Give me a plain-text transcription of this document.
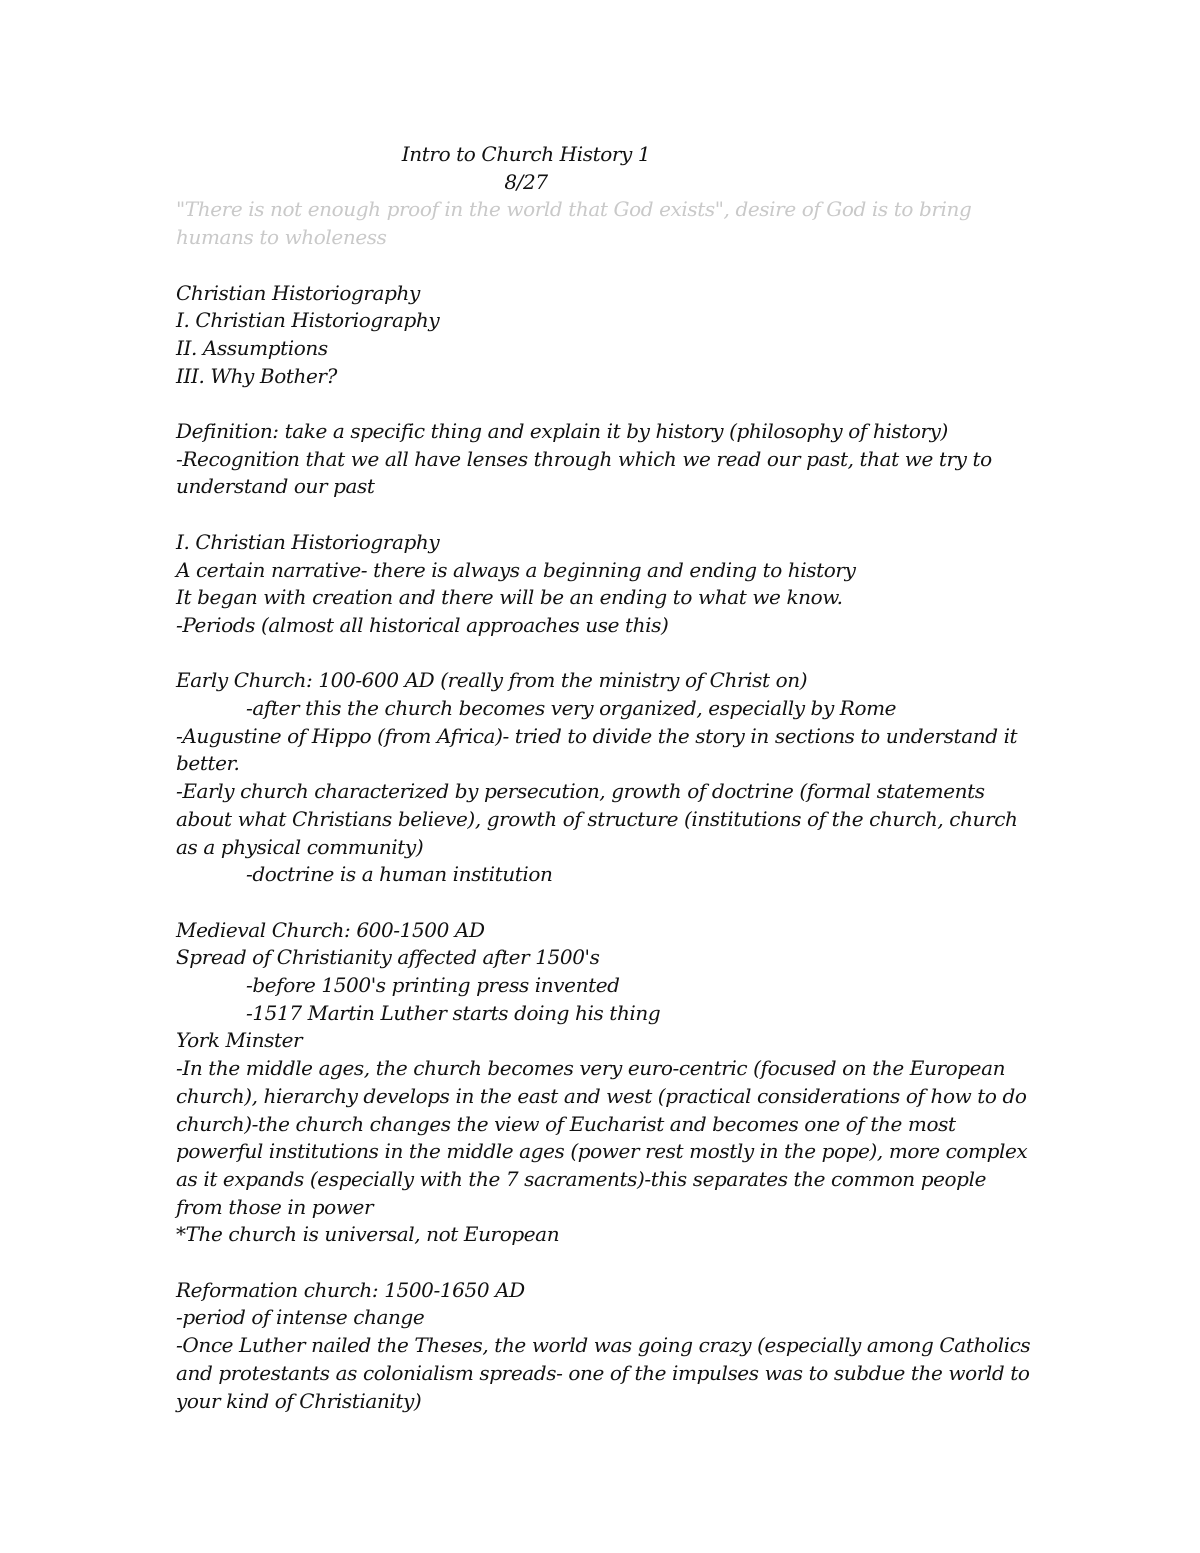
Intro to Church History 1
8/27
"There is not enough proof in the world that God exists", desire of God is to bring
humans to wholeness
Christian Historiography
I. Christian Historiography
II. Assumptions
III. Why Bother?
Definition: take a specific thing and explain it by history (philosophy of history)
-Recognition that we all have lenses through which we read our past, that we try to
understand our past
I. Christian Historiography
A certain narrative- there is always a beginning and ending to history
It began with creation and there will be an ending to what we know.
-Periods (almost all historical approaches use this)
Early Church: 100-600 AD (really from the ministry of Christ on)
-after this the church becomes very organized, especially by Rome
-Augustine of Hippo (from Africa)- tried to divide the story in sections to understand it
better.
-Early church characterized by persecution, growth of doctrine (formal statements
about what Christians believe), growth of structure (institutions of the church, church
as a physical community)
-doctrine is a human institution
Medieval Church: 600-1500 AD
Spread of Christianity affected after 1500's
-before 1500's printing press invented
-1517 Martin Luther starts doing his thing
York Minster
-In the middle ages, the church becomes very euro-centric (focused on the European
church), hierarchy develops in the east and west (practical considerations of how to do
church)-the church changes the view of Eucharist and becomes one of the most
powerful institutions in the middle ages (power rest mostly in the pope), more complex
as it expands (especially with the 7 sacraments)-this separates the common people
from those in power
*The church is universal, not European
Reformation church: 1500-1650 AD
-period of intense change
-Once Luther nailed the Theses, the world was going crazy (especially among Catholics
and protestants as colonialism spreads- one of the impulses was to subdue the world to
your kind of Christianity)
